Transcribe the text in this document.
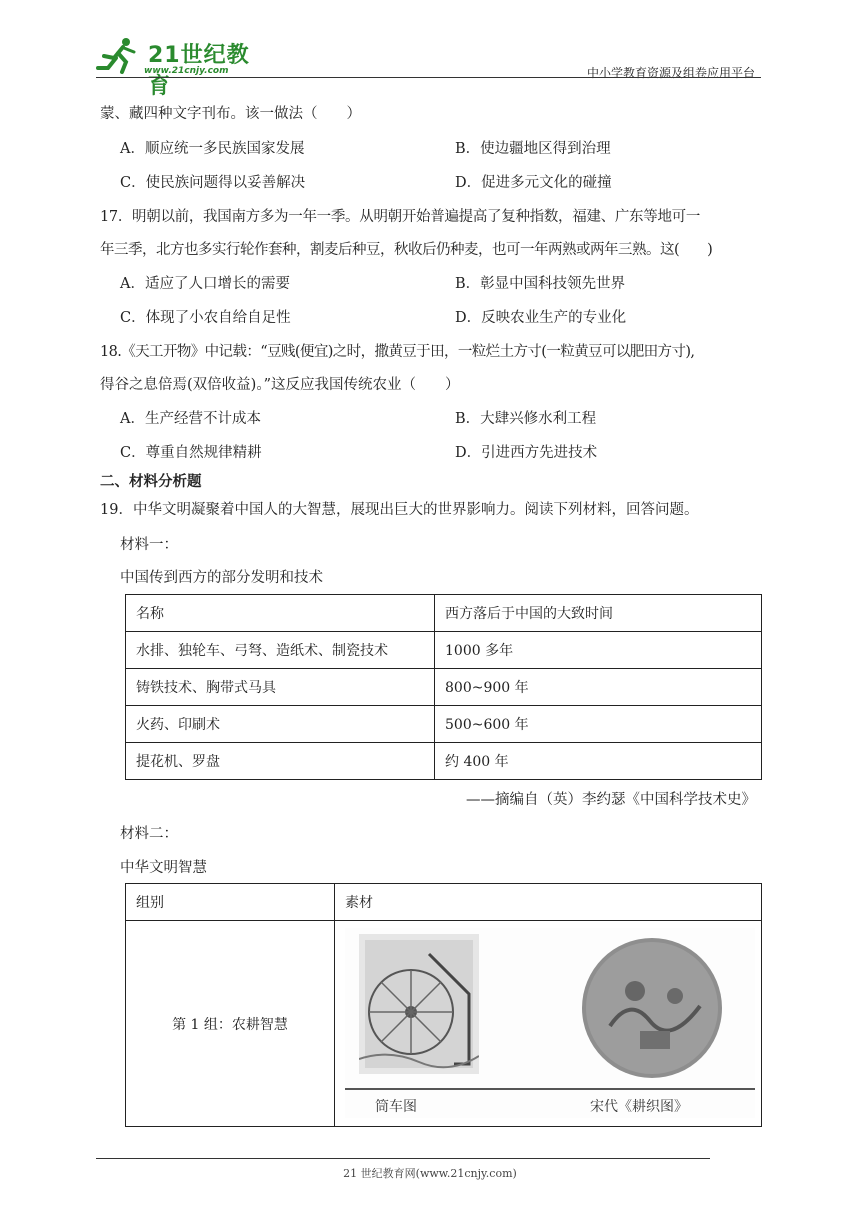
21世纪教育
www.21cnjy.com	中小学教育资源及组卷应用平台
蒙、藏四种文字刊布。该一做法（　　）
A．顺应统一多民族国家发展	B．使边疆地区得到治理
C．使民族问题得以妥善解决	D．促进多元文化的碰撞
17．明朝以前，我国南方多为一年一季。从明朝开始普遍提高了复种指数，福建、广东等地可一
年三季，北方也多实行轮作套种，割麦后种豆，秋收后仍种麦，也可一年两熟或两年三熟。这(　　)
A．适应了人口增长的需要	B．彰显中国科技领先世界
C．体现了小农自给自足性	D．反映农业生产的专业化
18.《天工开物》中记载：“豆贱(便宜)之时，撒黄豆于田，一粒烂土方寸(一粒黄豆可以肥田方寸),
得谷之息倍焉(双倍收益)。”这反应我国传统农业（　　）
A．生产经营不计成本	B．大肆兴修水利工程
C．尊重自然规律精耕	D．引进西方先进技术
二、材料分析题
19．中华文明凝聚着中国人的大智慧，展现出巨大的世界影响力。阅读下列材料，回答问题。
材料一：
中国传到西方的部分发明和技术
名称	西方落后于中国的大致时间
水排、独轮车、弓弩、造纸术、制瓷技术	1000 多年
铸铁技术、胸带式马具	800~900 年
火药、印刷术	500~600 年
提花机、罗盘	约 400 年
——摘编自（英）李约瑟《中国科学技术史》
材料二：
中华文明智慧
组别	素材
第 1 组：农耕智慧	
筒车图	宋代《耕织图》
21 世纪教育网(www.21cnjy.com)
